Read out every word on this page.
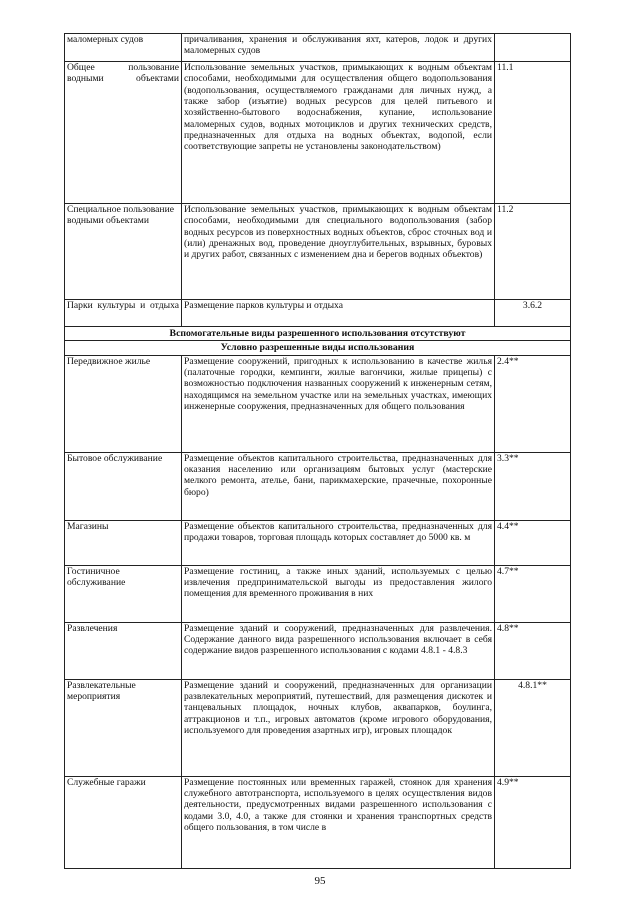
маломерных судов	причаливания, хранения и обслуживания яхт, катеров, лодок и других маломерных судов	

Общее пользование водными объектами	Использование земельных участков, примыкающих к водным объектам способами, необходимыми для осуществления общего водопользования (водопользования, осуществляемого гражданами для личных нужд, а также забор (изъятие) водных ресурсов для целей питьевого и хозяйственно-бытового водоснабжения, купание, использование маломерных судов, водных мотоциклов и других технических средств, предназначенных для отдыха на водных объектах, водопой, если соответствующие запреты не установлены законодательством)	11.1
Специальное пользование водными объектами	Использование земельных участков, примыкающих к водным объектам способами, необходимыми для специального водопользования (забор водных ресурсов из поверхностных водных объектов, сброс сточных вод и (или) дренажных вод, проведение дноуглубительных, взрывных, буровых и других работ, связанных с изменением дна и берегов водных объектов)	11.2

Парки культуры и отдыха	Размещение парков культуры и отдыха	3.6.2
Вспомогательные виды разрешенного использования отсутствуют		
Условно разрешенные виды использования		
Передвижное жилье	Размещение сооружений, пригодных к использованию в качестве жилья (палаточные городки, кемпинги, жилые вагончики, жилые прицепы) с возможностью подключения названных сооружений к инженерным сетям, находящимся на земельном участке или на земельных участках, имеющих инженерные сооружения, предназначенных для общего пользования	2.4**
Бытовое обслуживание	Размещение объектов капитального строительства, предназначенных для оказания населению или организациям бытовых услуг (мастерские мелкого ремонта, ателье, бани, парикмахерские, прачечные, похоронные бюро)	3.3**
Магазины	Размещение объектов капитального строительства, предназначенных для продажи товаров, торговая площадь которых составляет до 5000 кв. м	4.4**
Гостиничное обслуживание	Размещение гостиниц, а также иных зданий, используемых с целью извлечения предпринимательской выгоды из предоставления жилого помещения для временного проживания в них	4.7**
Развлечения	Размещение зданий и сооружений, предназначенных для развлечения. Содержание данного вида разрешенного использования включает в себя содержание видов разрешенного использования с кодами 4.8.1 - 4.8.3	4.8**
Развлекательные мероприятия	Размещение зданий и сооружений, предназначенных для организации развлекательных мероприятий, путешествий, для размещения дискотек и танцевальных площадок, ночных клубов, аквапарков, боулинга, аттракционов и т.п., игровых автоматов (кроме игрового оборудования, используемого для проведения азартных игр), игровых площадок	4.8.1**
Служебные гаражи	Размещение постоянных или временных гаражей, стоянок для хранения служебного автотранспорта, используемого в целях осуществления видов деятельности, предусмотренных видами разрешенного использования с кодами 3.0, 4.0, а также для стоянки и хранения транспортных средств общего пользования, в том числе в	4.9**
95
